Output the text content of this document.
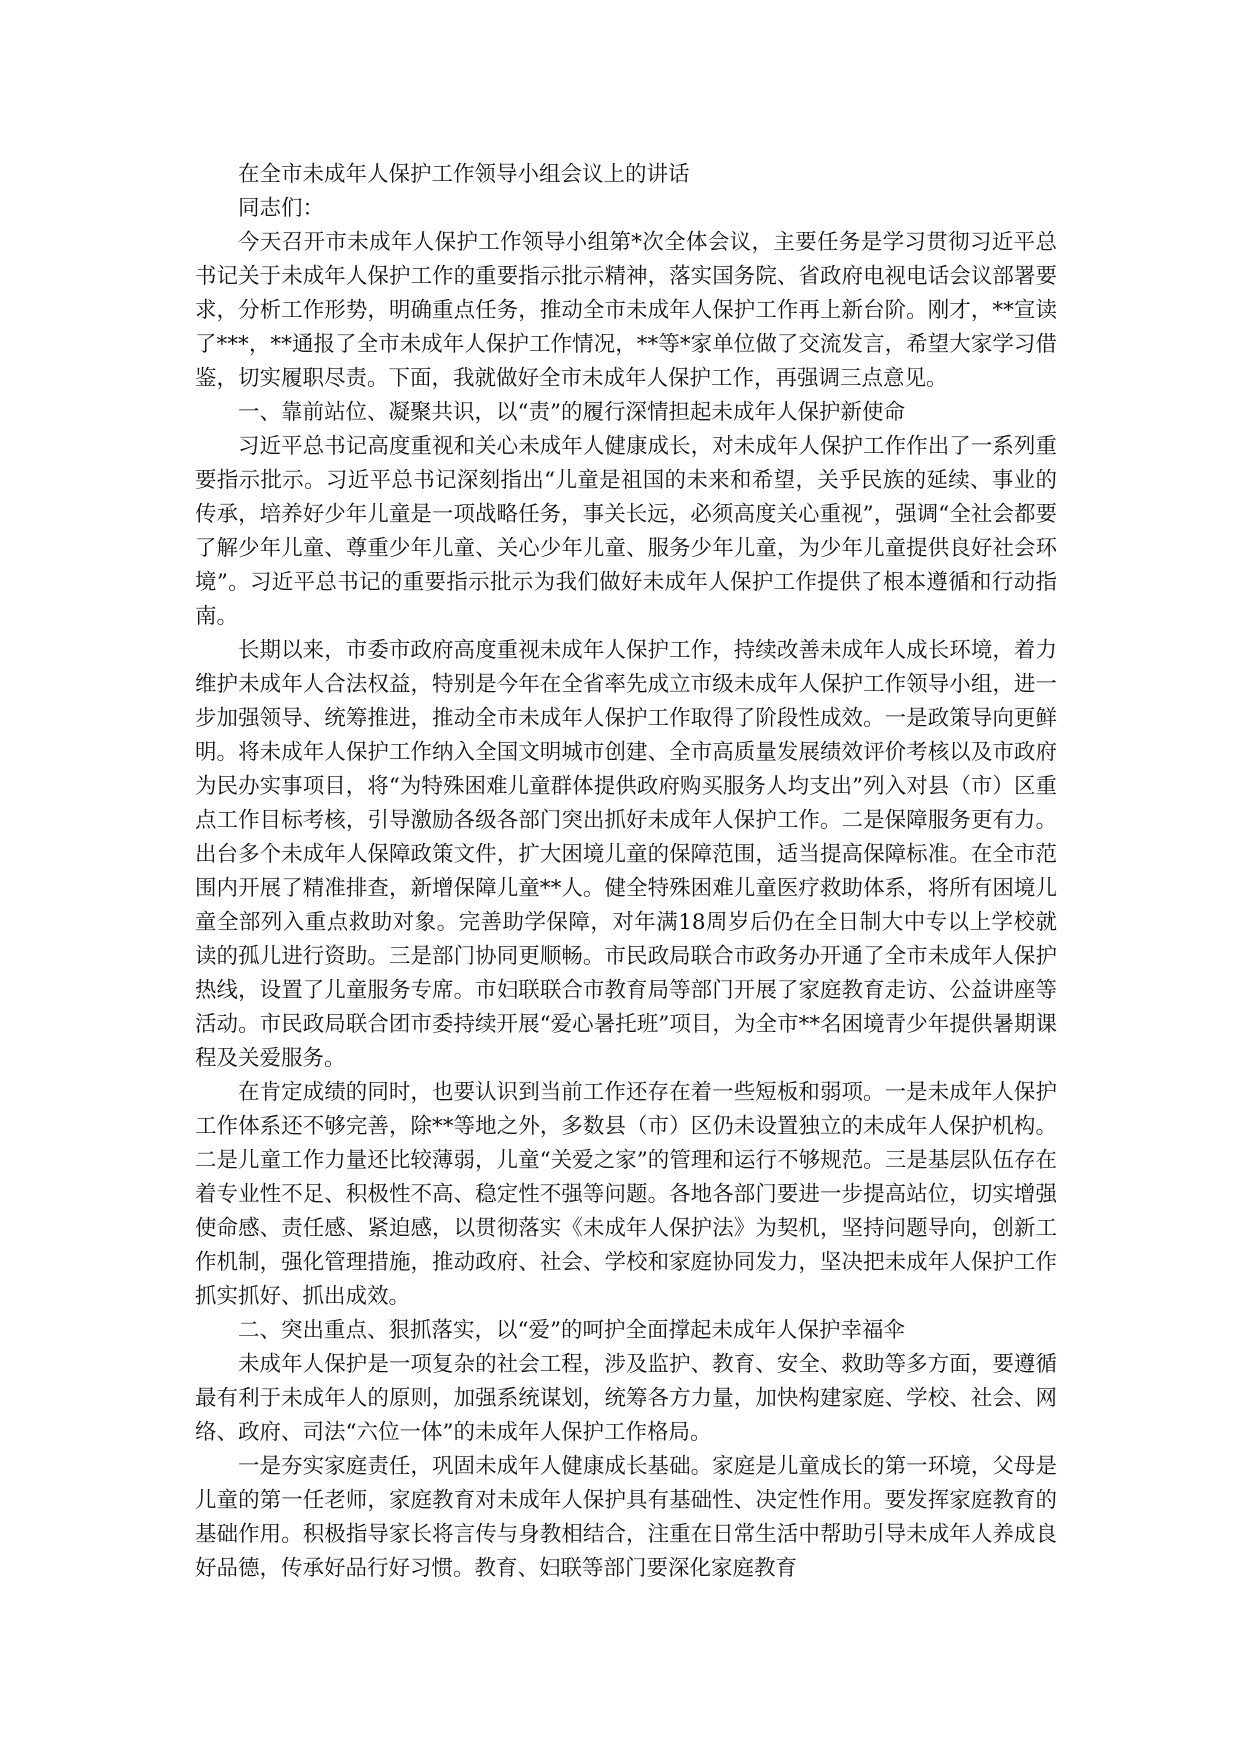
在全市未成年人保护工作领导小组会议上的讲话

同志们：

今天召开市未成年人保护工作领导小组第*次全体会议，主要任务是学习贯彻习近平总书记关于未成年人保护工作的重要指示批示精神，落实国务院、省政府电视电话会议部署要求，分析工作形势，明确重点任务，推动全市未成年人保护工作再上新台阶。刚才，**宣读了***，**通报了全市未成年人保护工作情况，**等*家单位做了交流发言，希望大家学习借鉴，切实履职尽责。下面，我就做好全市未成年人保护工作，再强调三点意见。

一、靠前站位、凝聚共识，以“责”的履行深情担起未成年人保护新使命

习近平总书记高度重视和关心未成年人健康成长，对未成年人保护工作作出了一系列重要指示批示。习近平总书记深刻指出“儿童是祖国的未来和希望，关乎民族的延续、事业的传承，培养好少年儿童是一项战略任务，事关长远，必须高度关心重视”，强调“全社会都要了解少年儿童、尊重少年儿童、关心少年儿童、服务少年儿童，为少年儿童提供良好社会环境”。习近平总书记的重要指示批示为我们做好未成年人保护工作提供了根本遵循和行动指南。

长期以来，市委市政府高度重视未成年人保护工作，持续改善未成年人成长环境，着力维护未成年人合法权益，特别是今年在全省率先成立市级未成年人保护工作领导小组，进一步加强领导、统筹推进，推动全市未成年人保护工作取得了阶段性成效。一是政策导向更鲜明。将未成年人保护工作纳入全国文明城市创建、全市高质量发展绩效评价考核以及市政府为民办实事项目，将“为特殊困难儿童群体提供政府购买服务人均支出”列入对县（市）区重点工作目标考核，引导激励各级各部门突出抓好未成年人保护工作。二是保障服务更有力。出台多个未成年人保障政策文件，扩大困境儿童的保障范围，适当提高保障标准。在全市范围内开展了精准排查，新增保障儿童**人。健全特殊困难儿童医疗救助体系，将所有困境儿童全部列入重点救助对象。完善助学保障，对年满18周岁后仍在全日制大中专以上学校就读的孤儿进行资助。三是部门协同更顺畅。市民政局联合市政务办开通了全市未成年人保护热线，设置了儿童服务专席。市妇联联合市教育局等部门开展了家庭教育走访、公益讲座等活动。市民政局联合团市委持续开展“爱心暑托班”项目，为全市**名困境青少年提供暑期课程及关爱服务。

在肯定成绩的同时，也要认识到当前工作还存在着一些短板和弱项。一是未成年人保护工作体系还不够完善，除**等地之外，多数县（市）区仍未设置独立的未成年人保护机构。二是儿童工作力量还比较薄弱，儿童“关爱之家”的管理和运行不够规范。三是基层队伍存在着专业性不足、积极性不高、稳定性不强等问题。各地各部门要进一步提高站位，切实增强使命感、责任感、紧迫感，以贯彻落实《未成年人保护法》为契机，坚持问题导向，创新工作机制，强化管理措施，推动政府、社会、学校和家庭协同发力，坚决把未成年人保护工作抓实抓好、抓出成效。

二、突出重点、狠抓落实，以“爱”的呵护全面撑起未成年人保护幸福伞

未成年人保护是一项复杂的社会工程，涉及监护、教育、安全、救助等多方面，要遵循最有利于未成年人的原则，加强系统谋划，统筹各方力量，加快构建家庭、学校、社会、网络、政府、司法“六位一体”的未成年人保护工作格局。

一是夯实家庭责任，巩固未成年人健康成长基础。家庭是儿童成长的第一环境，父母是儿童的第一任老师，家庭教育对未成年人保护具有基础性、决定性作用。要发挥家庭教育的基础作用。积极指导家长将言传与身教相结合，注重在日常生活中帮助引导未成年人养成良好品德，传承好品行好习惯。教育、妇联等部门要深化家庭教育
